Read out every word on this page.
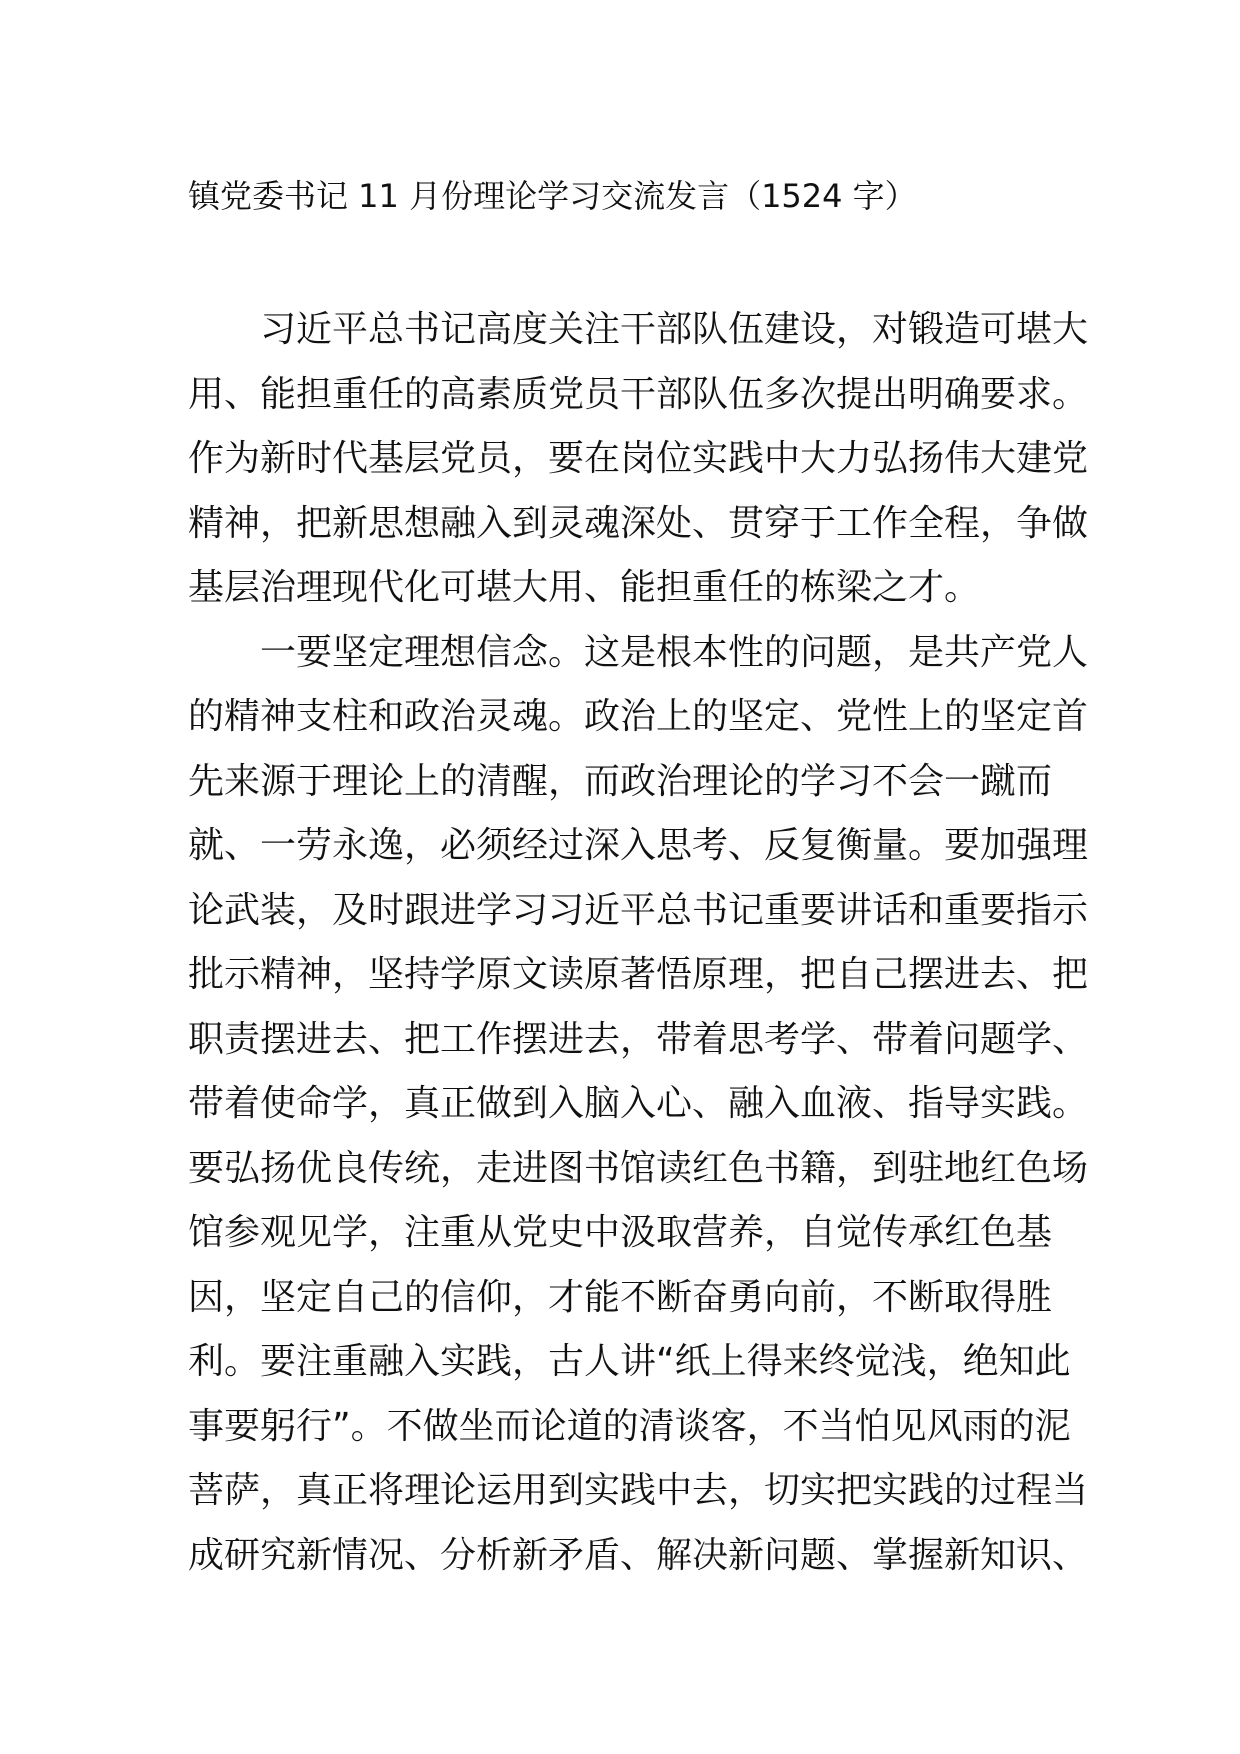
镇党委书记 11 月份理论学习交流发言（1524 字）
习近平总书记高度关注干部队伍建设，对锻造可堪大
用、能担重任的高素质党员干部队伍多次提出明确要求。
作为新时代基层党员，要在岗位实践中大力弘扬伟大建党
精神，把新思想融入到灵魂深处、贯穿于工作全程，争做
基层治理现代化可堪大用、能担重任的栋梁之才。
一要坚定理想信念。这是根本性的问题，是共产党人
的精神支柱和政治灵魂。政治上的坚定、党性上的坚定首
先来源于理论上的清醒，而政治理论的学习不会一蹴而
就、一劳永逸，必须经过深入思考、反复衡量。要加强理
论武装，及时跟进学习习近平总书记重要讲话和重要指示
批示精神，坚持学原文读原著悟原理，把自己摆进去、把
职责摆进去、把工作摆进去，带着思考学、带着问题学、
带着使命学，真正做到入脑入心、融入血液、指导实践。
要弘扬优良传统，走进图书馆读红色书籍，到驻地红色场
馆参观见学，注重从党史中汲取营养，自觉传承红色基
因，坚定自己的信仰，才能不断奋勇向前，不断取得胜
利。要注重融入实践，古人讲“纸上得来终觉浅，绝知此
事要躬行”。不做坐而论道的清谈客，不当怕见风雨的泥
菩萨，真正将理论运用到实践中去，切实把实践的过程当
成研究新情况、分析新矛盾、解决新问题、掌握新知识、
